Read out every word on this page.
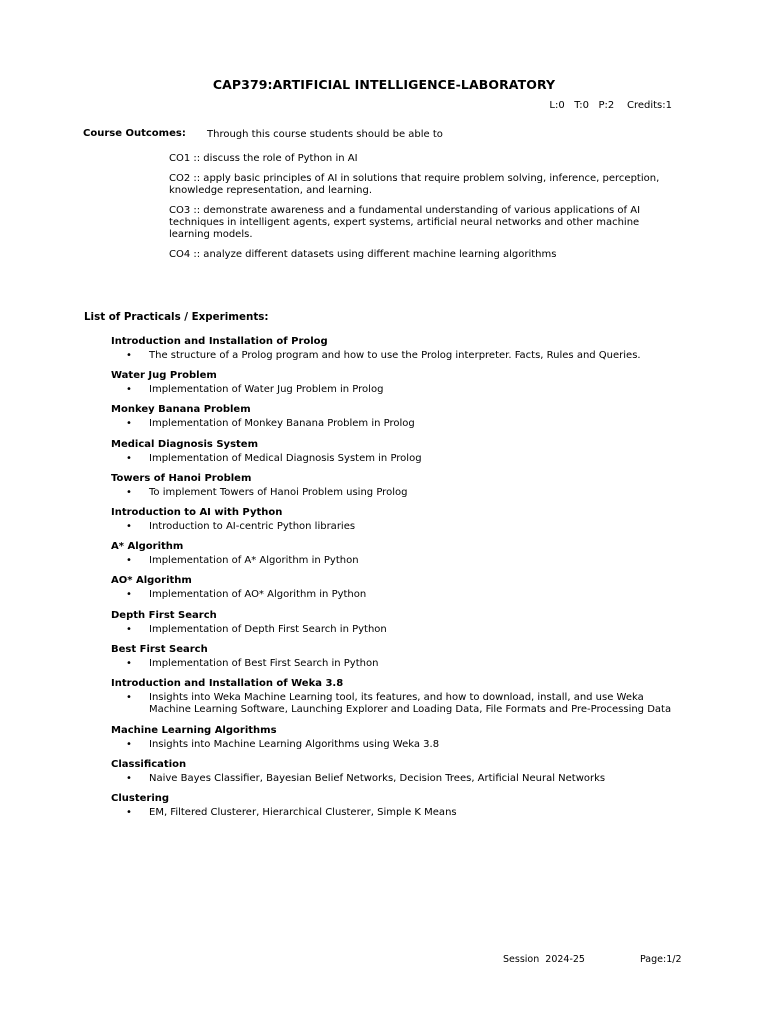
CAP379:ARTIFICIAL INTELLIGENCE-LABORATORY
L:0   T:0   P:2    Credits:1
Course Outcomes: Through this course students should be able to
CO1 :: discuss the role of Python in AI
CO2 :: apply basic principles of AI in solutions that require problem solving, inference, perception, knowledge representation, and learning.
CO3 :: demonstrate awareness and a fundamental understanding of various applications of AI techniques in intelligent agents, expert systems, artificial neural networks and other machine learning models.
CO4 :: analyze different datasets using different machine learning algorithms
List of Practicals / Experiments:
Introduction and Installation of Prolog
• The structure of a Prolog program and how to use the Prolog interpreter. Facts, Rules and Queries.
Water Jug Problem
• Implementation of Water Jug Problem in Prolog
Monkey Banana Problem
• Implementation of Monkey Banana Problem in Prolog
Medical Diagnosis System
• Implementation of Medical Diagnosis System in Prolog
Towers of Hanoi Problem
• To implement Towers of Hanoi Problem using Prolog
Introduction to AI with Python
• Introduction to AI-centric Python libraries
A* Algorithm
• Implementation of A* Algorithm in Python
AO* Algorithm
• Implementation of AO* Algorithm in Python
Depth First Search
• Implementation of Depth First Search in Python
Best First Search
• Implementation of Best First Search in Python
Introduction and Installation of Weka 3.8
• Insights into Weka Machine Learning tool, its features, and how to download, install, and use Weka Machine Learning Software, Launching Explorer and Loading Data, File Formats and Pre-Processing Data
Machine Learning Algorithms
• Insights into Machine Learning Algorithms using Weka 3.8
Classification
• Naive Bayes Classifier, Bayesian Belief Networks, Decision Trees, Artificial Neural Networks
Clustering
• EM, Filtered Clusterer, Hierarchical Clusterer, Simple K Means
Session  2024-25	Page:1/2
